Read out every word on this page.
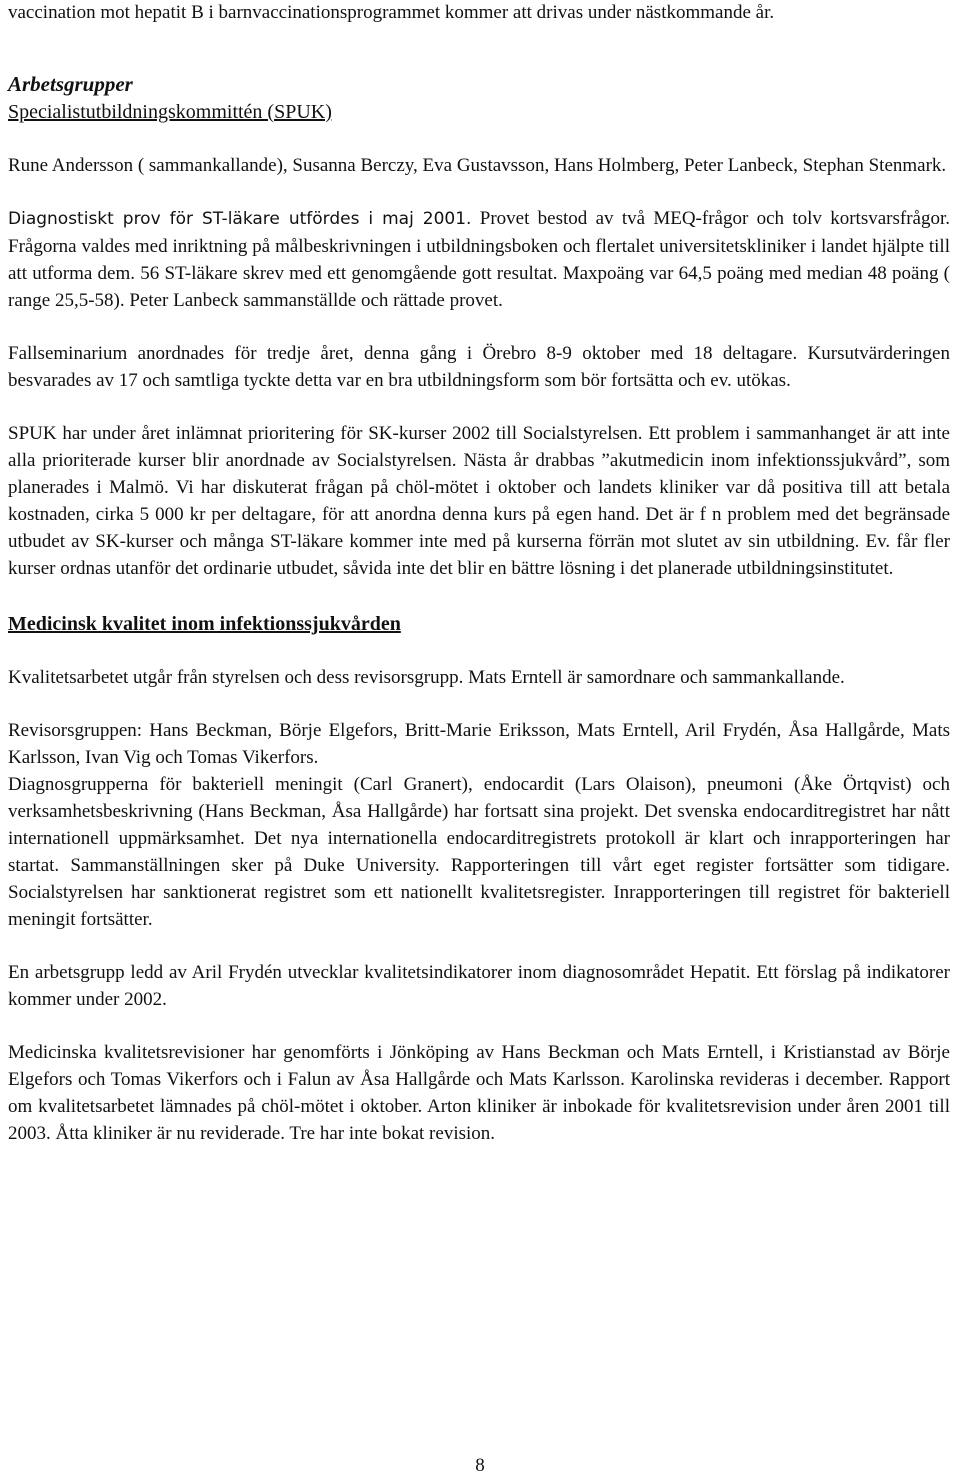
vaccination mot hepatit B i barnvaccinationsprogrammet kommer att drivas under nästkommande år.

Arbetsgrupper
Specialistutbildningskommittén (SPUK)

Rune Andersson ( sammankallande), Susanna Berczy, Eva Gustavsson, Hans Holmberg, Peter Lanbeck, Stephan Stenmark.

Diagnostiskt prov för ST-läkare utfördes i maj 2001. Provet bestod av två MEQ-frågor och tolv kortsvarsfrågor. Frågorna valdes med inriktning på målbeskrivningen i utbildningsboken och flertalet universitetskliniker i landet hjälpte till att utforma dem. 56 ST-läkare skrev med ett genomgående gott resultat. Maxpoäng var 64,5 poäng med median 48 poäng ( range 25,5-58). Peter Lanbeck sammanställde och rättade provet.

Fallseminarium anordnades för tredje året, denna gång i Örebro 8-9 oktober med 18 deltagare. Kursutvärderingen besvarades av 17 och samtliga tyckte detta var en bra utbildningsform som bör fortsätta och ev. utökas.

SPUK har under året inlämnat prioritering för SK-kurser 2002 till Socialstyrelsen. Ett problem i sammanhanget är att inte alla prioriterade kurser blir anordnade av Socialstyrelsen. Nästa år drabbas ”akutmedicin inom infektionssjukvård”, som planerades i Malmö. Vi har diskuterat frågan på chöl-mötet i oktober och landets kliniker var då positiva till att betala kostnaden, cirka 5 000 kr per deltagare, för att anordna denna kurs på egen hand. Det är f n problem med det begränsade utbudet av SK-kurser och många ST-läkare kommer inte med på kurserna förrän mot slutet av sin utbildning. Ev. får fler kurser ordnas utanför det ordinarie utbudet, såvida inte det blir en bättre lösning i det planerade utbildningsinstitutet.

Medicinsk kvalitet inom infektionssjukvården

Kvalitetsarbetet utgår från styrelsen och dess revisorsgrupp. Mats Erntell är samordnare och sammankallande.

Revisorsgruppen: Hans Beckman, Börje Elgefors, Britt-Marie Eriksson, Mats Erntell, Aril Frydén, Åsa Hallgårde, Mats Karlsson, Ivan Vig och Tomas Vikerfors.

Diagnosgrupperna för bakteriell meningit (Carl Granert), endocardit (Lars Olaison), pneumoni (Åke Örtqvist) och verksamhetsbeskrivning (Hans Beckman, Åsa Hallgårde) har fortsatt sina projekt. Det svenska endocarditregistret har nått internationell uppmärksamhet. Det nya internationella endocarditregistrets protokoll är klart och inrapporteringen har startat. Sammanställningen sker på Duke University. Rapporteringen till vårt eget register fortsätter som tidigare. Socialstyrelsen har sanktionerat registret som ett nationellt kvalitetsregister. Inrapporteringen till registret för bakteriell meningit fortsätter.

En arbetsgrupp ledd av Aril Frydén utvecklar kvalitetsindikatorer inom diagnosområdet Hepatit. Ett förslag på indikatorer kommer under 2002.

Medicinska kvalitetsrevisioner har genomförts i Jönköping av Hans Beckman och Mats Erntell, i Kristianstad av Börje Elgefors och Tomas Vikerfors och i Falun av Åsa Hallgårde och Mats Karlsson. Karolinska revideras i december. Rapport om kvalitetsarbetet lämnades på chöl-mötet i oktober. Arton kliniker är inbokade för kvalitetsrevision under åren 2001 till 2003. Åtta kliniker är nu reviderade. Tre har inte bokat revision.

8
